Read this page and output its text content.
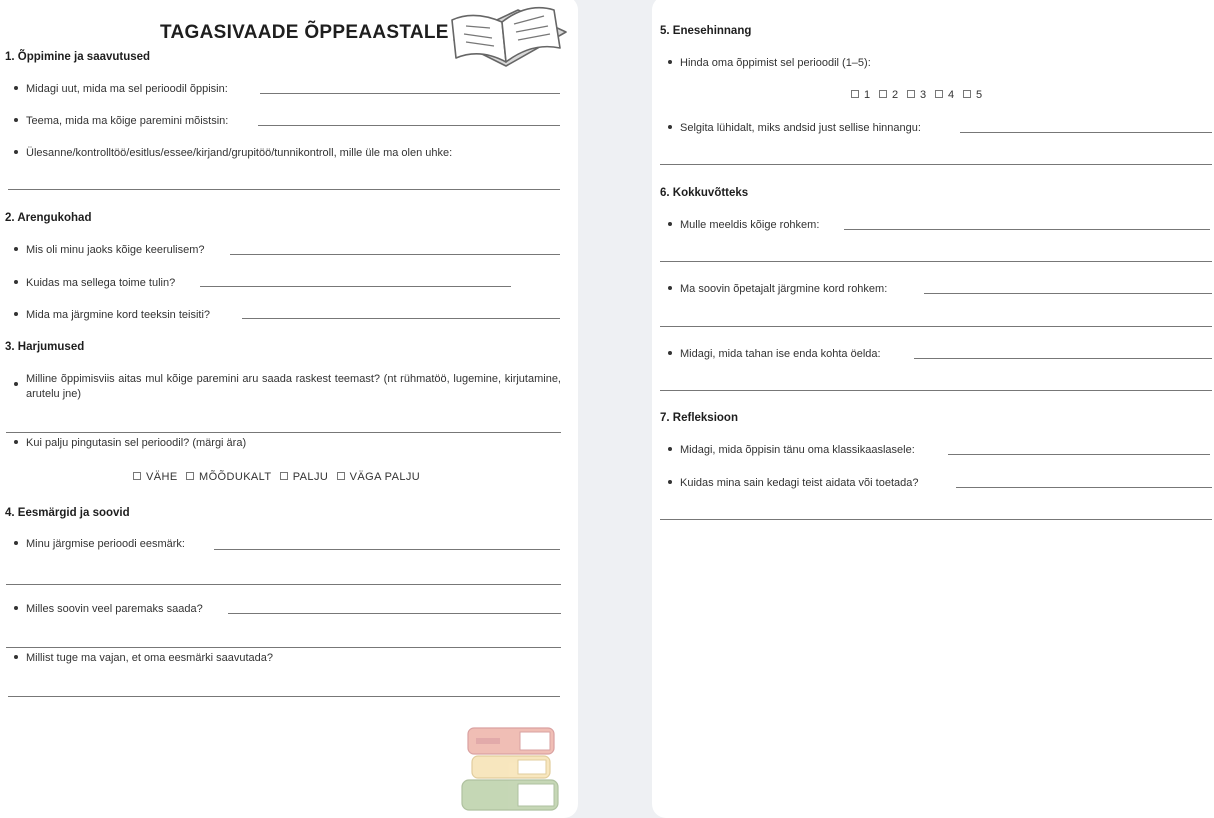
TAGASIVAADE ÕPPEAASTALE
1. Õppimine ja saavutused
Midagi uut, mida ma sel perioodil õppisin:
Teema, mida ma kõige paremini mõistsin:
Ülesanne/kontrolltöö/esitlus/essee/kirjand/grupitöö/tunnikontroll, mille üle ma olen uhke:
2. Arengukohad
Mis oli minu jaoks kõige keerulisem?
Kuidas ma sellega toime tulin?
Mida ma järgmine kord teeksin teisiti?
3. Harjumused
Milline õppimisviis aitas mul kõige paremini aru saada raskest teemast? (nt rühmatöö, lugemine, kirjutamine, arutelu jne)
Kui palju pingutasin sel perioodil? (märgi ära)
VÄHE MÕÕDUKALT PALJU VÄGA PALJU
4. Eesmärgid ja soovid
Minu järgmise perioodi eesmärk:
Milles soovin veel paremaks saada?
Millist tuge ma vajan, et oma eesmärki saavutada?
5. Enesehinnang
Hinda oma õppimist sel perioodil (1–5):
1 2 3 4 5
Selgita lühidalt, miks andsid just sellise hinnangu:
6. Kokkuvõtteks
Mulle meeldis kõige rohkem:
Ma soovin õpetajalt järgmine kord rohkem:
Midagi, mida tahan ise enda kohta öelda:
7. Refleksioon
Midagi, mida õppisin tänu oma klassikaaslasele:
Kuidas mina sain kedagi teist aidata või toetada?
